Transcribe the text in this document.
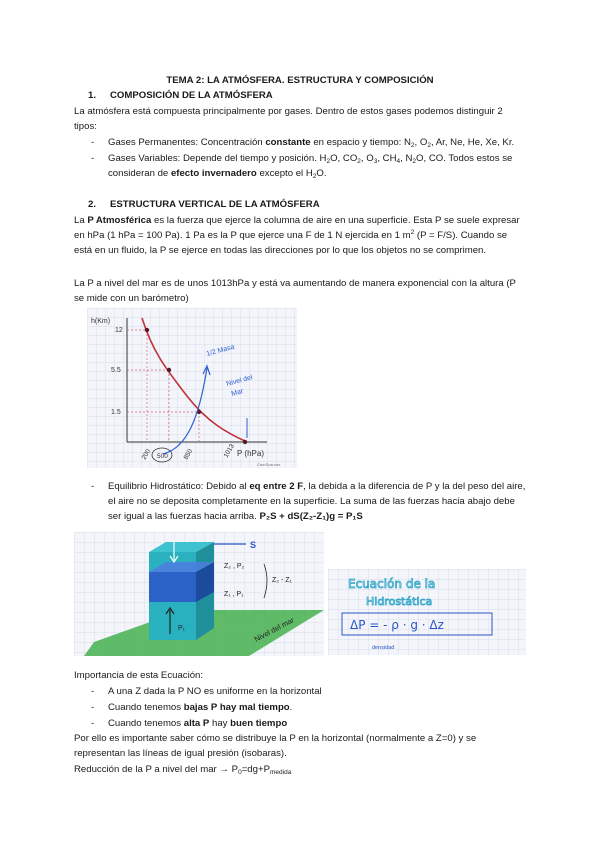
TEMA 2: LA ATMÓSFERA. ESTRUCTURA Y COMPOSICIÓN
1. COMPOSICIÓN DE LA ATMÓSFERA
La atmósfera está compuesta principalmente por gases. Dentro de estos gases podemos distinguir 2 tipos:
- Gases Permanentes: Concentración constante en espacio y tiempo: $N_2$, $O_2$, Ar, Ne, He, Xe, Kr.
- Gases Variables: Depende del tiempo y posición. $H_2O$, $CO_2$, $O_3$, $CH_4$, $N_2O$, CO. Todos estos se
consideran de efecto invernadero excepto el $H_2O$.
2. ESTRUCTURA VERTICAL DE LA ATMÓSFERA
La P Atmosférica es la fuerza que ejerce la columna de aire en una superficie. Esta P se suele expresar en hPa (1 hPa = 100 Pa). 1 Pa es la P que ejerce una F de 1 N ejercida en 1 $m^2$ (P = F/S). Cuando se está en un fluido, la P se ejerce en todas las direcciones por lo que los objetos no se comprimen.
La P a nivel del mar es de unos 1013hPa y está va aumentando de manera exponencial con la altura (P se mide con un barómetro)
h(Km)
P (hPa)
12
5.5
1.5
200 500 850	1013
1/2 Masa
Nivel del
Mar
CamScanner
- Equilibrio Hidrostático: Debido al eq entre 2 F, la debida a la diferencia de P y la del peso del aire, el aire no se deposita completamente en la superficie. La suma de las fuerzas hacia abajo debe ser igual a las fuerzas hacia arriba. P₂S + dS(Z₂-Z₁)g = P₁S
S
Z₂ , P₂
Z₁ , P₁
Z₂ - Z₁
P₁	Nivel del mar
Ecuación de la
Hidrostática
ΔP = - ρ · g · Δz
densidad
Importancia de esta Ecuación:
- A una Z dada la P NO es uniforme en la horizontal
- Cuando tenemos bajas P hay mal tiempo.
- Cuando tenemos alta P hay buen tiempo
Por ello es importante saber cómo se distribuye la P en la horizontal (normalmente a Z=0) y se representan las líneas de igual presión (isobaras).
Reducción de la P a nivel del mar → $P_0=dg+P_{medida}$
